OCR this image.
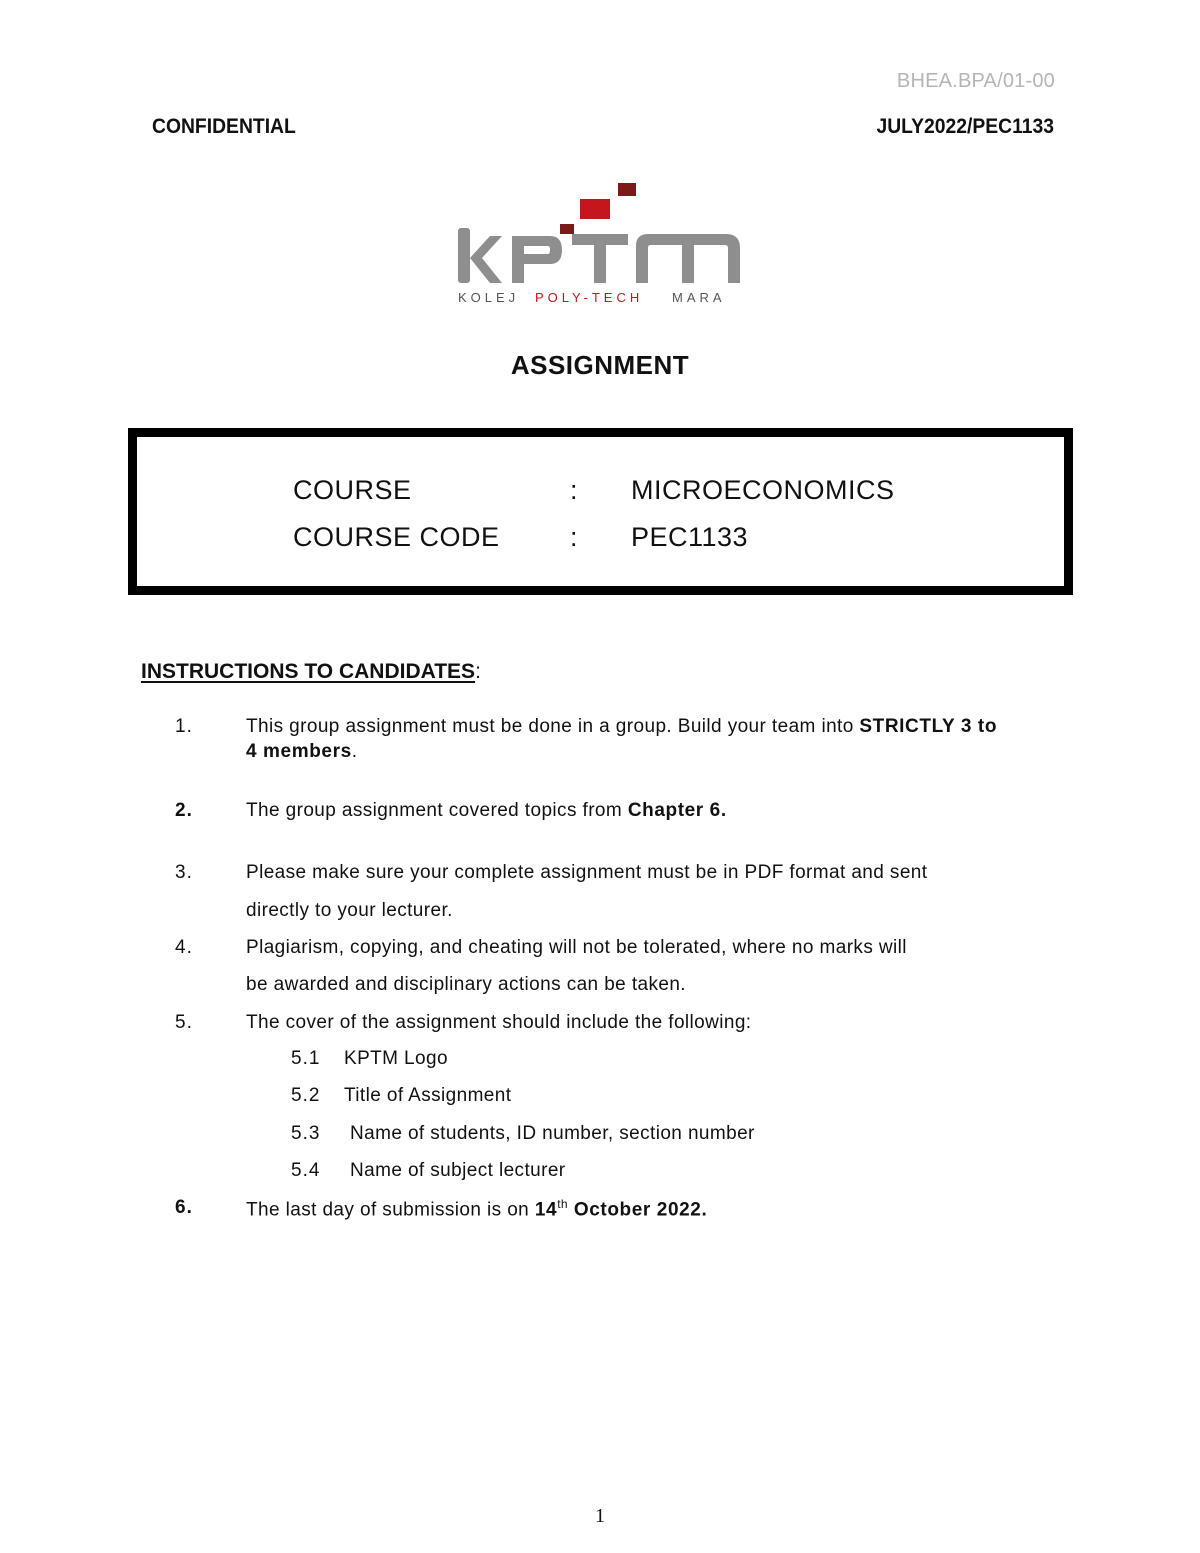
BHEA.BPA/01-00
CONFIDENTIAL	JULY2022/PEC1133
KOLEJ POLY-TECH MARA
ASSIGNMENT
COURSE	: MICROECONOMICS
COURSE CODE	: PEC1133
INSTRUCTIONS TO CANDIDATES:
1.	This group assignment must be done in a group. Build your team into STRICTLY 3 to
4 members.
2.	The group assignment covered topics from Chapter 6.
3.	Please make sure your complete assignment must be in PDF format and sent
directly to your lecturer.
4.	Plagiarism, copying, and cheating will not be tolerated, where no marks will
be awarded and disciplinary actions can be taken.
5.	The cover of the assignment should include the following:
5.1 KPTM Logo
5.2 Title of Assignment
5.3 Name of students, ID number, section number
5.4 Name of subject lecturer
6.	The last day of submission is on 14th October 2022.
1
